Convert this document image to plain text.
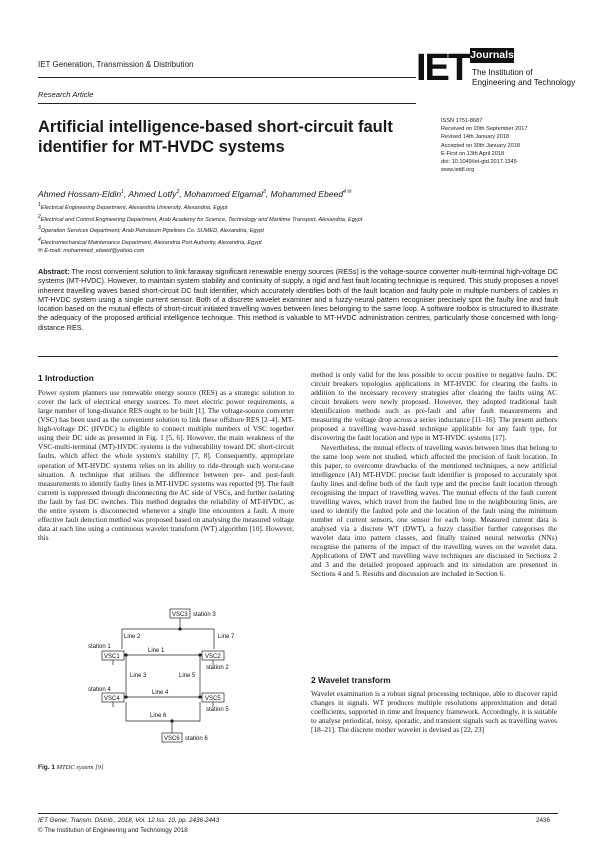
IET Generation, Transmission & Distribution
Research Article
IET Journals
The Institution of
Engineering and Technology
Artificial intelligence-based short-circuit fault identifier for MT-HVDC systems
ISSN 1751-8687
Received on 20th September 2017
Revised 14th January 2018
Accepted on 30th January 2018
E-First on 13th April 2018
doi: 10.1049/iet-gtd.2017.1345
www.ietdl.org
Ahmed Hossam-Eldin$^1$, Ahmed Lotfy$^2$, Mohammed Elgamal$^3$, Mohammed Ebeed$^{4 ✉}$
$^1$Electrical Engineering Department, Alexandria University, Alexandria, Egypt
$^2$Electrical and Control Engineering Department, Arab Academy for Science, Technology and Maritime Transport, Alexandria, Egypt
$^3$Operation Services Department, Arab Petroleum Pipelines Co. SUMED, Alexandria, Egypt
$^4$Electromechanical Maintenance Department, Alexandria Port Authority, Alexandria, Egypt
✉ E-mail: mohammed_ebeed@yahoo.com
Abstract: The most convenient solution to link faraway significant renewable energy sources (RESs) is the voltage-source converter multi-terminal high-voltage DC systems (MT-HVDC). However, to maintain system stability and continuity of supply, a rigid and fast fault locating technique is required. This study proposes a novel inherent travelling waves based short-circuit DC fault identifier, which accurately identifies both of the fault location and faulty pole in multiple numbers of cables in MT-HVDC system using a single current sensor. Both of a discrete wavelet examiner and a fuzzy-neural pattern recogniser precisely spot the faulty line and fault location based on the mutual effects of short-circuit initiated travelling waves between lines belonging to the same loop. A software toolbox is structured to illustrate the adequacy of the proposed artificial intelligence technique. This method is valuable to MT-HVDC administration centres, particularly those concerned with long-distance RES.
1 Introduction

Power system planners use renewable energy source (RES) as a strategic solution to cover the lack of electrical energy sources. To meet electric power requirements, a large number of long-distance RES ought to be built [1]. The voltage-source converter (VSC) has been used as the convenient solution to link these offshore RES [2–4]. MT-high-voltage DC (HVDC) is eligible to connect multiple numbers of VSC together using their DC side as presented in Fig. 1 [5, 6]. However, the main weakness of the VSC-multi-terminal (MT)-HVDC systems is the vulnerability toward DC short-circuit faults, which affect the whole system's stability [7, 8]. Consequently, appropriate operation of MT-HVDC systems relies on its ability to ride-through such worst-case situation. A technique that utilises the difference between pre- and post-fault measurements to identify faulty lines in MT-HVDC systems was reported [9]. The fault current is suppressed through disconnecting the AC side of VSCs, and further isolating the fault by fast DC switches. This method degrades the reliability of MT-HVDC, as the entire system is disconnected whenever a single line encounters a fault. A more effective fault detection method was proposed based on analysing the measured voltage data at each line using a continuous wavelet transform (WT) algorithm [10]. However, this

method is only valid for the less possible to occur positive to negative faults. DC circuit breakers topologies applications in MT-HVDC for clearing the faults in addition to the necessary recovery strategies after clearing the faults using AC circuit breakers were newly proposed. However, they adopted traditional fault identification methods such as pre-fault and after fault measurements and measuring the voltage drop across a series inductance [11–16]. The present authors proposed a travelling wave-based technique applicable for any fault type, for discovering the fault location and type in MT-HVDC systems [17].

Nevertheless, the mutual effects of travelling waves between lines that belong to the same loop were not studied, which affected the precision of fault location. In this paper, to overcome drawbacks of the mentioned techniques, a new artificial intelligence (AI) MT-HVDC precise fault identifier is proposed to accurately spot faulty lines and define both of the fault type and the precise fault location through recognising the impact of travelling waves. The mutual effects of the fault current travelling waves, which travel from the faulted line to the neighbouring lines, are used to identify the faulted pole and the location of the fault using the minimum number of current sensors, one sensor for each loop. Measured current data is analysed via a discrete WT (DWT), a fuzzy classifier further categorises the wavelet data into pattern classes, and finally trained neural networks (NNs) recognise the patterns of the impact of the travelling waves on the wavelet data. Applications of DWT and travelling wave techniques are discussed in Sections 2 and 3 and the detailed proposed approach and its simulation are presented in Sections 4 and 5. Results and discussion are included in Section 6.

2 Wavelet transform

Wavelet examination is a robust signal processing technique, able to discover rapid changes in signals. WT produces multiple resolutions approximation and detail coefficients, supported in time and frequency framework. Accordingly, it is suitable to analyse periodical, noisy, sporadic, and transient signals such as travelling waves [18–21]. The discrete mother wavelet is devised as [22, 23]

VSC3 station 3
VSC1
station 1
VSC2
station 2
VSC4
station 4
VSC5
station 5
VSC6 station 6
Line 2	Line 7
Line 1
Line 3	Line 5
Line 4
Line 6
Fig. 1 MTDC system [9]
IET Gener. Transm. Distrib., 2018, Vol. 12 Iss. 10, pp. 2436-2443
© The Institution of Engineering and Technology 2018
2436
